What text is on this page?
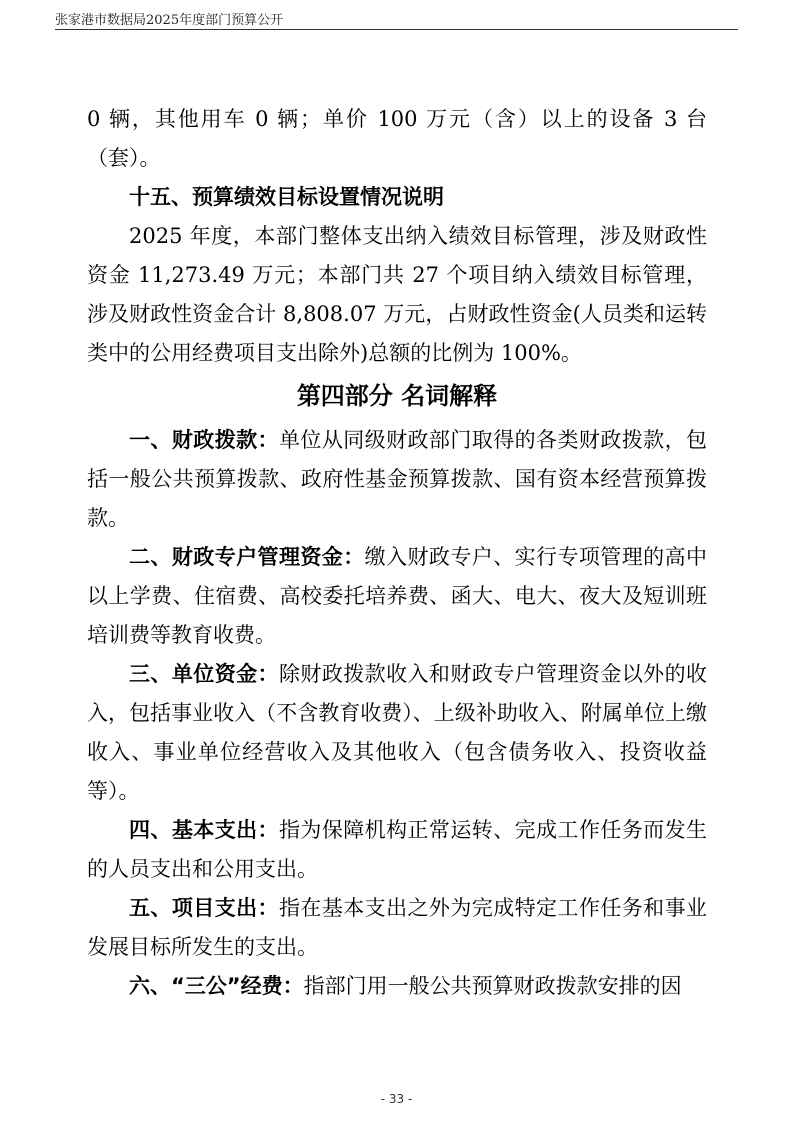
张家港市数据局2025年度部门预算公开

0 辆，其他用车 0 辆；单价 100 万元（含）以上的设备 3 台（套）。

十五、预算绩效目标设置情况说明

2025 年度，本部门整体支出纳入绩效目标管理，涉及财政性资金 11,273.49 万元；本部门共 27 个项目纳入绩效目标管理，涉及财政性资金合计 8,808.07 万元，占财政性资金(人员类和运转类中的公用经费项目支出除外)总额的比例为 100%。

第四部分 名词解释

一、财政拨款：单位从同级财政部门取得的各类财政拨款，包括一般公共预算拨款、政府性基金预算拨款、国有资本经营预算拨款。

二、财政专户管理资金：缴入财政专户、实行专项管理的高中以上学费、住宿费、高校委托培养费、函大、电大、夜大及短训班培训费等教育收费。

三、单位资金：除财政拨款收入和财政专户管理资金以外的收入，包括事业收入（不含教育收费）、上级补助收入、附属单位上缴收入、事业单位经营收入及其他收入（包含债务收入、投资收益等）。

四、基本支出：指为保障机构正常运转、完成工作任务而发生的人员支出和公用支出。

五、项目支出：指在基本支出之外为完成特定工作任务和事业发展目标所发生的支出。

六、“三公”经费：指部门用一般公共预算财政拨款安排的因

- 33 -
